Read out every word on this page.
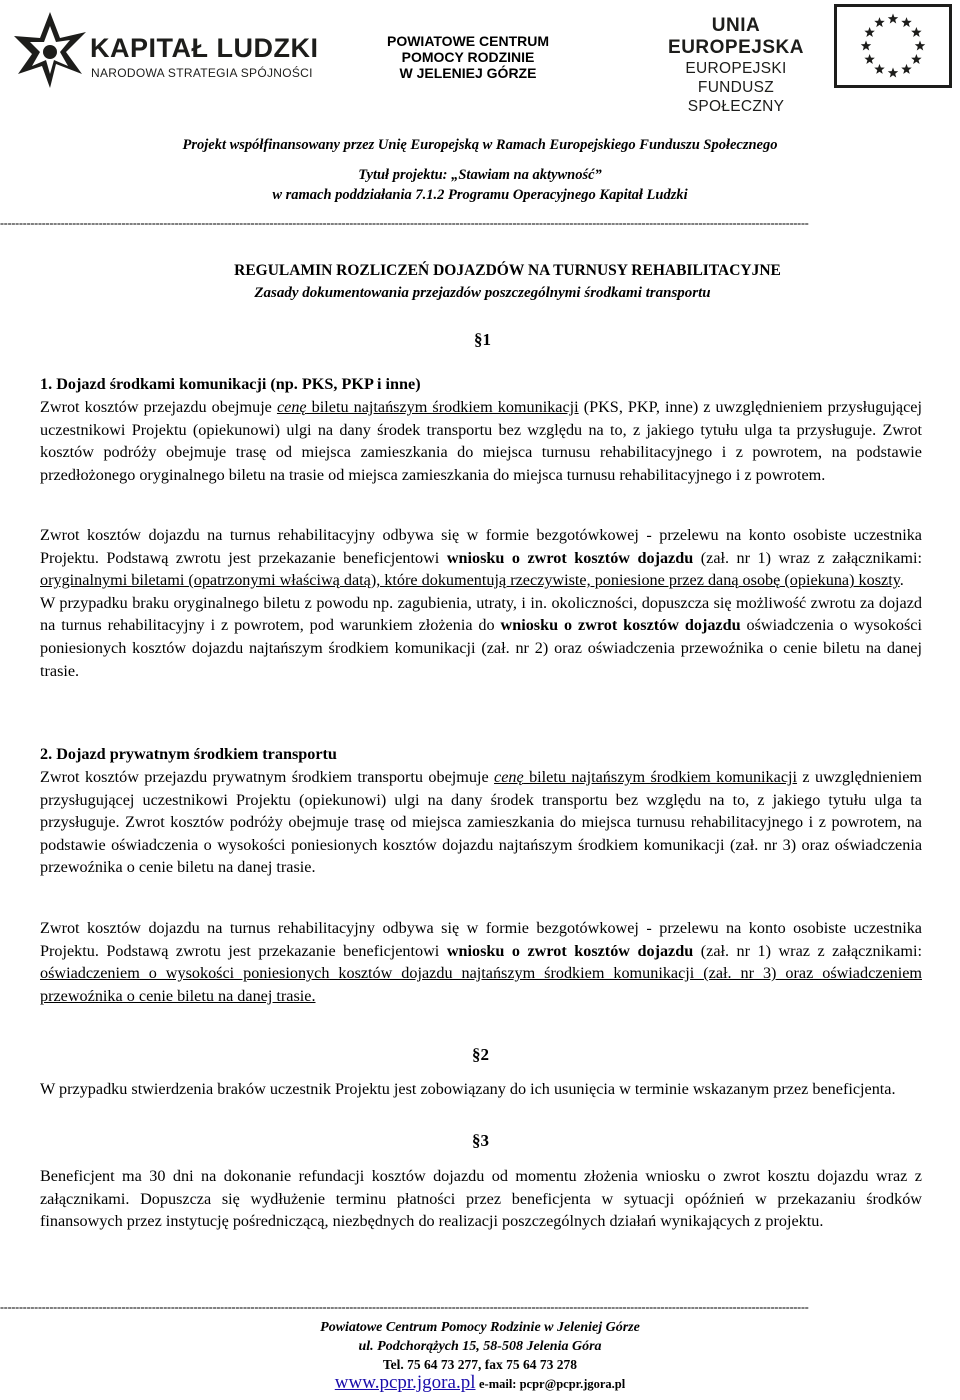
KAPITAŁ LUDZKI
NARODOWA STRATEGIA SPÓJNOŚCI
POWIATOWE CENTRUM
POMOCY RODZINIE
W JELENIEJ GÓRZE
UNIA EUROPEJSKA
EUROPEJSKI
FUNDUSZ SPOŁECZNY
Projekt współfinansowany przez Unię Europejską w Ramach Europejskiego Funduszu Społecznego
Tytuł projektu: „Stawiam na aktywność”
w ramach poddziałania 7.1.2 Programu Operacyjnego Kapitał Ludzki
---------------------------------------------------------------------------------------------------------------------------------------------------------------------------------------------------------------------
REGULAMIN ROZLICZEŃ DOJAZDÓW NA TURNUSY REHABILITACYJNE
Zasady dokumentowania przejazdów poszczególnymi środkami transportu
§1
1. Dojazd środkami komunikacji (np. PKS, PKP i inne)

Zwrot kosztów przejazdu obejmuje cenę biletu najtańszym środkiem komunikacji (PKS, PKP, inne) z uwzględnieniem przysługującej uczestnikowi Projektu (opiekunowi) ulgi na dany środek transportu bez względu na to, z jakiego tytułu ulga ta przysługuje. Zwrot kosztów podróży obejmuje trasę od miejsca zamieszkania do miejsca turnusu rehabilitacyjnego i z powrotem, na podstawie przedłożonego oryginalnego biletu na trasie od miejsca zamieszkania do miejsca turnusu rehabilitacyjnego i z powrotem.

Zwrot kosztów dojazdu na turnus rehabilitacyjny odbywa się w formie bezgotówkowej - przelewu na konto osobiste uczestnika Projektu. Podstawą zwrotu jest przekazanie beneficjentowi wniosku o zwrot kosztów dojazdu (zał. nr 1) wraz z załącznikami: oryginalnymi biletami (opatrzonymi właściwą datą), które dokumentują rzeczywiste, poniesione przez daną osobę (opiekuna) koszty.

W przypadku braku oryginalnego biletu z powodu np. zagubienia, utraty, i in. okoliczności, dopuszcza się możliwość zwrotu za dojazd na turnus rehabilitacyjny i z powrotem, pod warunkiem złożenia do wniosku o zwrot kosztów dojazdu oświadczenia o wysokości poniesionych kosztów dojazdu najtańszym środkiem komunikacji (zał. nr 2) oraz oświadczenia przewoźnika o cenie biletu na danej trasie.

2. Dojazd prywatnym środkiem transportu

Zwrot kosztów przejazdu prywatnym środkiem transportu obejmuje cenę biletu najtańszym środkiem komunikacji z uwzględnieniem przysługującej uczestnikowi Projektu (opiekunowi) ulgi na dany środek transportu bez względu na to, z jakiego tytułu ulga ta przysługuje. Zwrot kosztów podróży obejmuje trasę od miejsca zamieszkania do miejsca turnusu rehabilitacyjnego i z powrotem, na podstawie oświadczenia o wysokości poniesionych kosztów dojazdu najtańszym środkiem komunikacji (zał. nr 3) oraz oświadczenia przewoźnika o cenie biletu na danej trasie.

Zwrot kosztów dojazdu na turnus rehabilitacyjny odbywa się w formie bezgotówkowej - przelewu na konto osobiste uczestnika Projektu. Podstawą zwrotu jest przekazanie beneficjentowi wniosku o zwrot kosztów dojazdu (zał. nr 1) wraz z załącznikami: oświadczeniem o wysokości poniesionych kosztów dojazdu najtańszym środkiem komunikacji (zał. nr 3) oraz oświadczeniem przewoźnika o cenie biletu na danej trasie.

§2
W przypadku stwierdzenia braków uczestnik Projektu jest zobowiązany do ich usunięcia w terminie wskazanym przez beneficjenta.
§3
Beneficjent ma 30 dni na dokonanie refundacji kosztów dojazdu od momentu złożenia wniosku o zwrot kosztu dojazdu wraz z załącznikami. Dopuszcza się wydłużenie terminu płatności przez beneficjenta w sytuacji opóźnień w przekazaniu środków finansowych przez instytucję pośredniczącą, niezbędnych do realizacji poszczególnych działań wynikających z projektu.
---------------------------------------------------------------------------------------------------------------------------------------------------------------------------------------------------------------------
Powiatowe Centrum Pomocy Rodzinie w Jeleniej Górze
ul. Podchorążych 15, 58-508 Jelenia Góra
Tel. 75 64 73 277, fax 75 64 73 278
www.pcpr.jgora.pl e-mail: pcpr@pcpr.jgora.pl
